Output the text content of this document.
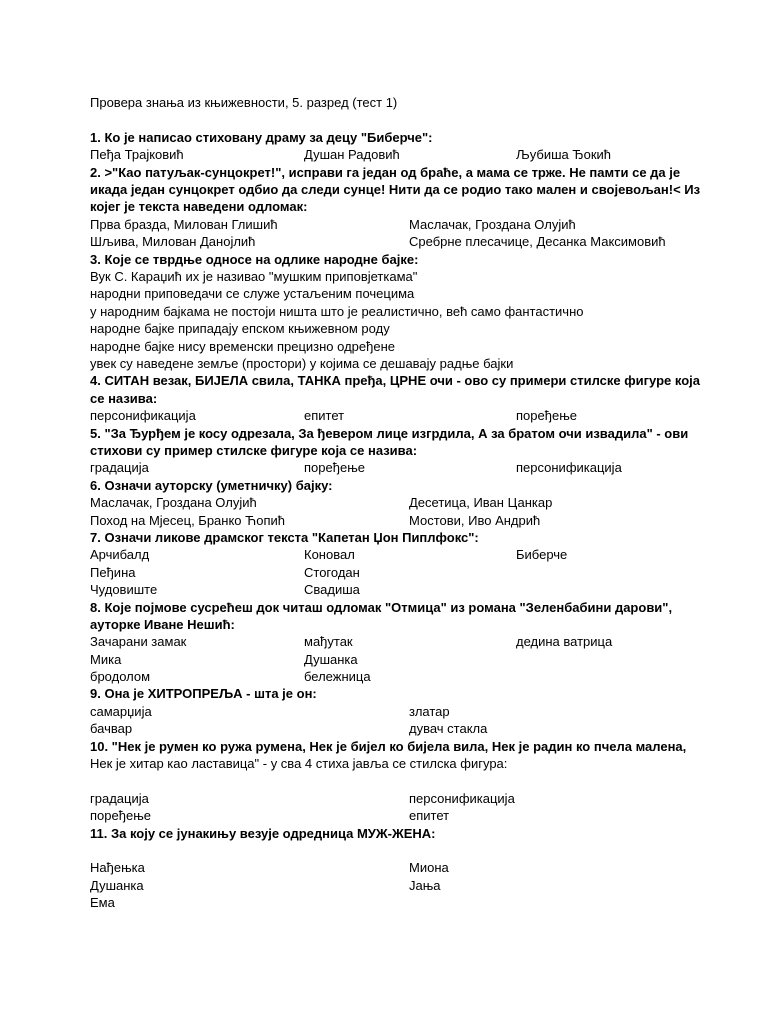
Провера знања из књижевности, 5. разред (тест 1)
1. Ко је написао стиховану драму за децу "Биберче":
Пеђа Трајковић	Душан Радовић	Љубиша Ђокић
2. >"Као патуљак-сунцокрет!", исправи га један од браће, а мама се трже. Не памти се да је икада један сунцокрет одбио да следи сунце! Нити да се родио тако мален и својевољан!< Из којег је текста наведени одломак:
Прва бразда, Милован Глишић	Маслачак, Гроздана Олујић
Шљива, Милован Данојлић	Сребрне плесачице, Десанка Максимовић
3. Које се тврдње односе на одлике народне бајке:
Вук С. Караџић их је називао "мушким приповјеткама"
народни приповедачи се служе устаљеним почецима
у народним бајкама не постоји ништа што је реалистично, већ само фантастично
народне бајке припадају епском књижевном роду
народне бајке нису временски прецизно одређене
увек су наведене земље (простори) у којима се дешавају радње бајки
4. СИТАН везак, БИЈЕЛА свила, ТАНКА пређа, ЦРНЕ очи - ово су примери стилске фигуре која се назива:
персонификација	епитет	поређење
5. "За Ђурђем је косу одрезала, За ђевером лице изгрдила, А за братом очи извадила" - ови стихови су пример стилске фигуре која се назива:
градација	поређење	персонификација
6. Означи ауторску (уметничку) бајку:
Маслачак, Гроздана Олујић	Десетица, Иван Цанкар
Поход на Мјесец, Бранко Ћопић	Мостови, Иво Андрић
7. Означи ликове драмског текста "Капетан Џон Пиплфокс":
Арчибалд	Коновал	Биберче
Пеђина	Стогодан
Чудовиште	Свадиша
8. Које појмове сусрећеш док читаш одломак "Отмица" из романа "Зеленбабини дарови", ауторке Иване Нешић:
Зачарани замак	мађутак	дедина ватрица
Мика	Душанка
бродолом	бележница
9. Она је ХИТРОПРЕЉА - шта је он:
самарџија	златар
бачвар	дувач стакла
10. "Нек је румен ко ружа румена, Нек је бијел ко бијела вила, Нек је радин ко пчела малена,
Нек је хитар као ластавица" - у сва 4 стиха јавља се стилска фигура:
градација	персонификација
поређење	епитет
11. За коју се јунакињу везује одредница МУЖ-ЖЕНА:
Нађењка	Миона
Душанка	Јања
Ема
